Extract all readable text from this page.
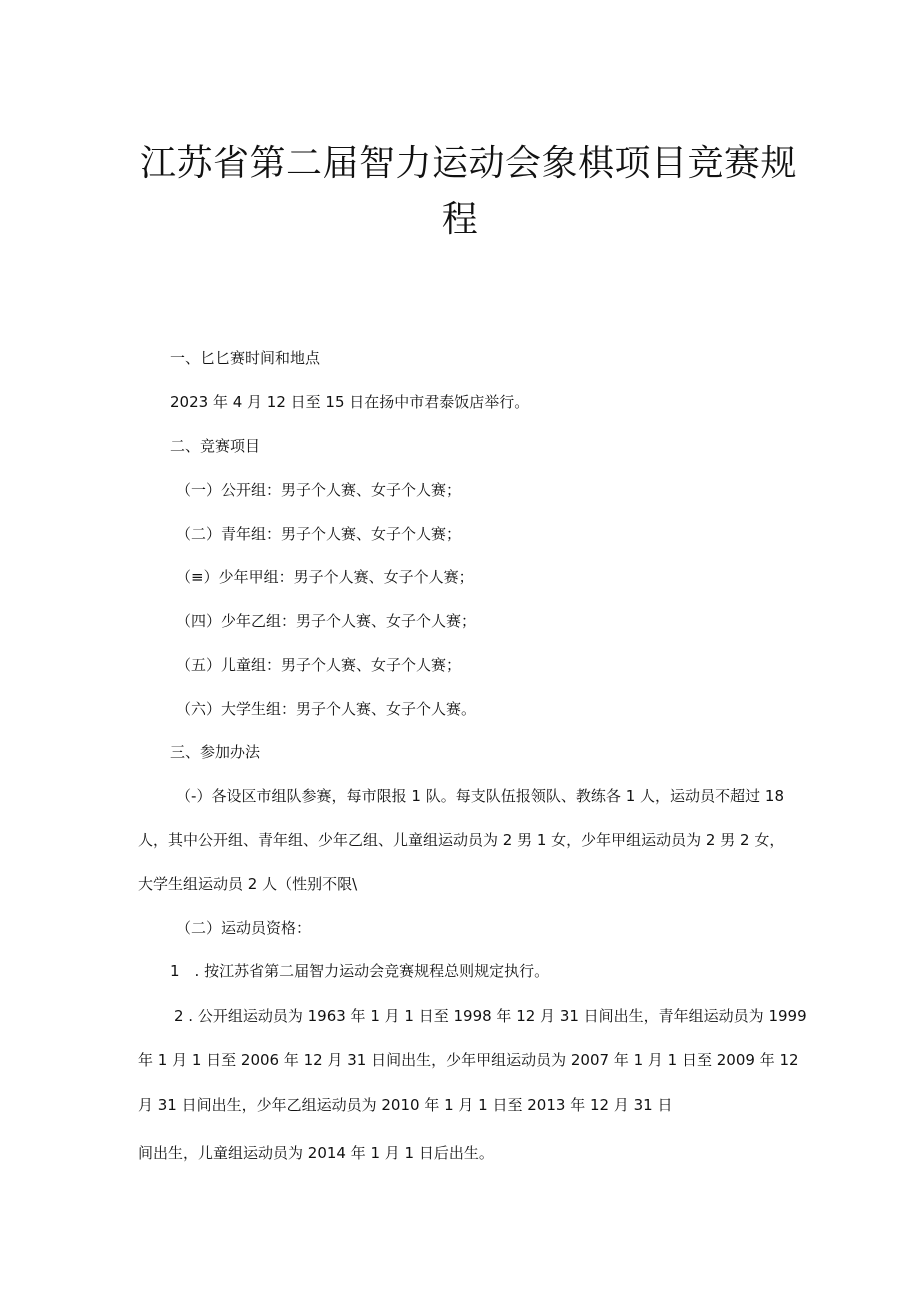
江苏省第二届智力运动会象棋项目竞赛规
程

一、匕匕赛时间和地点

2023 年 4 月 12 日至 15 日在扬中市君泰饭店举行。

二、竞赛项目

（一）公开组：男子个人赛、女子个人赛；

（二）青年组：男子个人赛、女子个人赛；

（≡）少年甲组：男子个人赛、女子个人赛；

（四）少年乙组：男子个人赛、女子个人赛；

（五）儿童组：男子个人赛、女子个人赛；

（六）大学生组：男子个人赛、女子个人赛。

三、参加办法

（-）各设区市组队参赛，每市限报 1 队。每支队伍报领队、教练各 1 人，运动员不超过 18

人，其中公开组、青年组、少年乙组、儿童组运动员为 2 男 1 女，少年甲组运动员为 2 男 2 女，

大学生组运动员 2 人（性别不限\

（二）运动员资格：

1　. 按江苏省第二届智力运动会竞赛规程总则规定执行。

2 . 公开组运动员为 1963 年 1 月 1 日至 1998 年 12 月 31 日间出生，青年组运动员为 1999

年 1 月 1 日至 2006 年 12 月 31 日间出生，少年甲组运动员为 2007 年 1 月 1 日至 2009 年 12

月 31 日间出生，少年乙组运动员为 2010 年 1 月 1 日至 2013 年 12 月 31 日

间出生，儿童组运动员为 2014 年 1 月 1 日后出生。
